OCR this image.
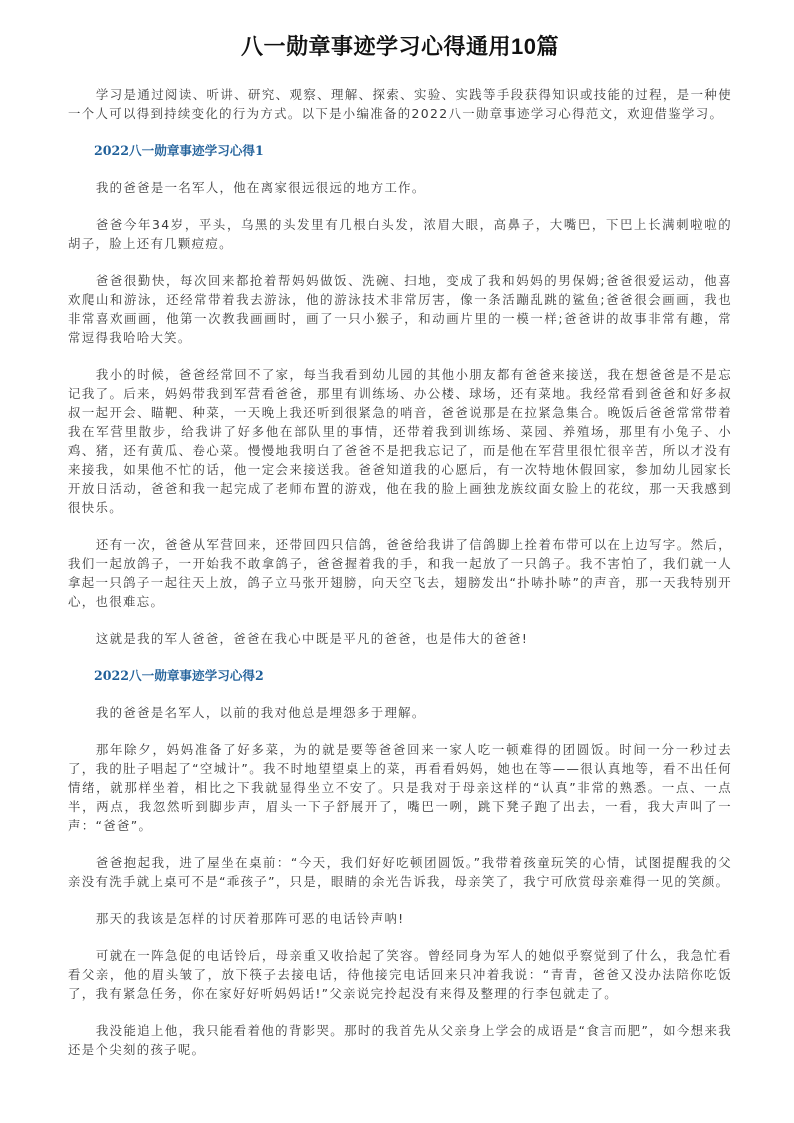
八一勋章事迹学习心得通用10篇

学习是通过阅读、听讲、研究、观察、理解、探索、实验、实践等手段获得知识或技能的过程，是一种使一个人可以得到持续变化的行为方式。以下是小编准备的2022八一勋章事迹学习心得范文，欢迎借鉴学习。

2022八一勋章事迹学习心得1

我的爸爸是一名军人，他在离家很远很远的地方工作。

爸爸今年34岁，平头，乌黑的头发里有几根白头发，浓眉大眼，高鼻子，大嘴巴，下巴上长满刺啦啦的胡子，脸上还有几颗痘痘。

爸爸很勤快，每次回来都抢着帮妈妈做饭、洗碗、扫地，变成了我和妈妈的男保姆;爸爸很爱运动，他喜欢爬山和游泳，还经常带着我去游泳，他的游泳技术非常厉害，像一条活蹦乱跳的鲨鱼;爸爸很会画画，我也非常喜欢画画，他第一次教我画画时，画了一只小猴子，和动画片里的一模一样;爸爸讲的故事非常有趣，常常逗得我哈哈大笑。

我小的时候，爸爸经常回不了家，每当我看到幼儿园的其他小朋友都有爸爸来接送，我在想爸爸是不是忘记我了。后来，妈妈带我到军营看爸爸，那里有训练场、办公楼、球场，还有菜地。我经常看到爸爸和好多叔叔一起开会、瞄靶、种菜，一天晚上我还听到很紧急的哨音，爸爸说那是在拉紧急集合。晚饭后爸爸常常带着我在军营里散步，给我讲了好多他在部队里的事情，还带着我到训练场、菜园、养殖场，那里有小兔子、小鸡、猪，还有黄瓜、卷心菜。慢慢地我明白了爸爸不是把我忘记了，而是他在军营里很忙很辛苦，所以才没有来接我，如果他不忙的话，他一定会来接送我。爸爸知道我的心愿后，有一次特地休假回家，参加幼儿园家长开放日活动，爸爸和我一起完成了老师布置的游戏，他在我的脸上画独龙族纹面女脸上的花纹，那一天我感到很快乐。

还有一次，爸爸从军营回来，还带回四只信鸽，爸爸给我讲了信鸽脚上拴着布带可以在上边写字。然后，我们一起放鸽子，一开始我不敢拿鸽子，爸爸握着我的手，和我一起放了一只鸽子。我不害怕了，我们就一人拿起一只鸽子一起往天上放，鸽子立马张开翅膀，向天空飞去，翅膀发出“扑哧扑哧”的声音，那一天我特别开心，也很难忘。

这就是我的军人爸爸，爸爸在我心中既是平凡的爸爸，也是伟大的爸爸!

2022八一勋章事迹学习心得2

我的爸爸是名军人，以前的我对他总是埋怨多于理解。

那年除夕，妈妈准备了好多菜，为的就是要等爸爸回来一家人吃一顿难得的团圆饭。时间一分一秒过去了，我的肚子唱起了“空城计”。我不时地望望桌上的菜，再看看妈妈，她也在等——很认真地等，看不出任何情绪，就那样坐着，相比之下我就显得坐立不安了。只是我对于母亲这样的“认真”非常的熟悉。一点、一点半，两点，我忽然听到脚步声，眉头一下子舒展开了，嘴巴一咧，跳下凳子跑了出去，一看，我大声叫了一声：“爸爸”。

爸爸抱起我，进了屋坐在桌前：“今天，我们好好吃顿团圆饭。”我带着孩童玩笑的心情，试图提醒我的父亲没有洗手就上桌可不是“乖孩子”，只是，眼睛的余光告诉我，母亲笑了，我宁可欣赏母亲难得一见的笑颜。

那天的我该是怎样的讨厌着那阵可恶的电话铃声呐!

可就在一阵急促的电话铃后，母亲重又收拾起了笑容。曾经同身为军人的她似乎察觉到了什么，我急忙看看父亲，他的眉头皱了，放下筷子去接电话，待他接完电话回来只冲着我说：“青青，爸爸又没办法陪你吃饭了，我有紧急任务，你在家好好听妈妈话!”父亲说完拎起没有来得及整理的行李包就走了。

我没能追上他，我只能看着他的背影哭。那时的我首先从父亲身上学会的成语是“食言而肥”，如今想来我还是个尖刻的孩子呢。
